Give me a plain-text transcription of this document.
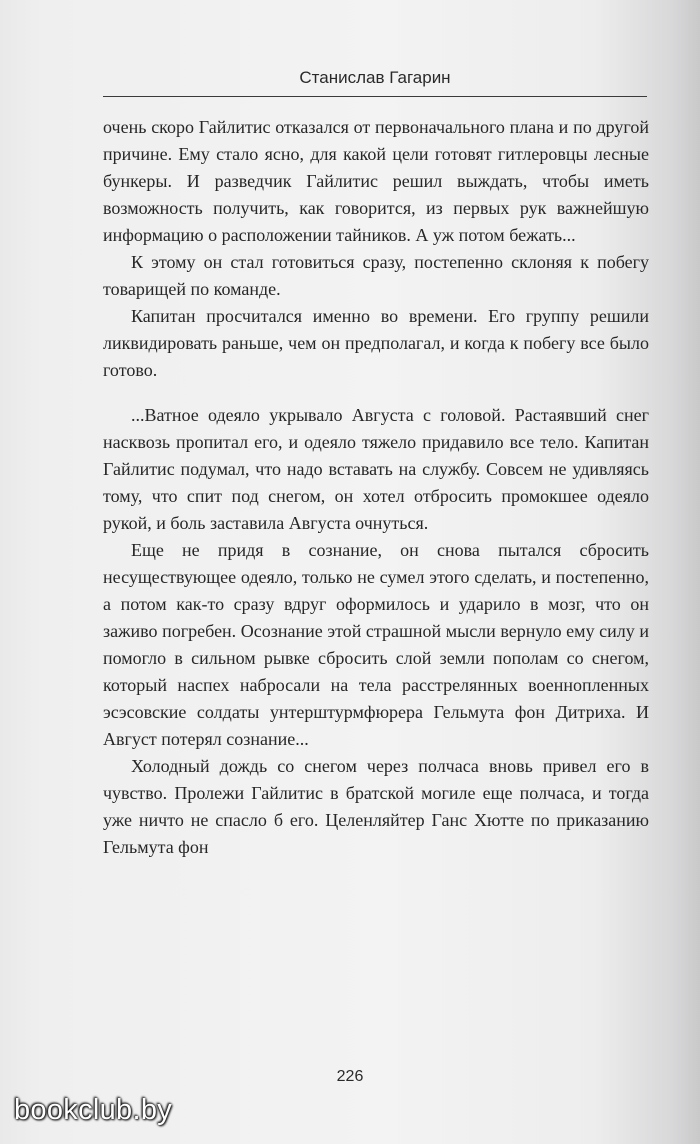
Станислав Гагарин

очень скоро Гайлитис отказался от первоначального плана и по другой причине. Ему стало ясно, для какой цели готовят гитлеровцы лесные бункеры. И разведчик Гайлитис решил выждать, чтобы иметь возможность получить, как говорится, из первых рук важнейшую информацию о расположении тайников. А уж потом бежать...

К этому он стал готовиться сразу, постепенно склоняя к побегу товарищей по команде.

Капитан просчитался именно во времени. Его группу решили ликвидировать раньше, чем он предполагал, и когда к побегу все было готово.

...Ватное одеяло укрывало Августа с головой. Растаявший снег насквозь пропитал его, и одеяло тяжело придавило все тело. Капитан Гайлитис подумал, что надо вставать на службу. Совсем не удивляясь тому, что спит под снегом, он хотел отбросить промокшее одеяло рукой, и боль заставила Августа очнуться.

Еще не придя в сознание, он снова пытался сбросить несуществующее одеяло, только не сумел этого сделать, и постепенно, а потом как-то сразу вдруг оформилось и ударило в мозг, что он заживо погребен. Осознание этой страшной мысли вернуло ему силу и помогло в сильном рывке сбросить слой земли пополам со снегом, который наспех набросали на тела расстрелянных военнопленных эсэсовские солдаты унтерштурмфюрера Гельмута фон Дитриха. И Август потерял сознание...

Холодный дождь со снегом через полчаса вновь привел его в чувство. Пролежи Гайлитис в братской могиле еще полчаса, и тогда уже ничто не спасло б его. Целенляйтер Ганс Хютте по приказанию Гельмута фон

226
bookclub.by
